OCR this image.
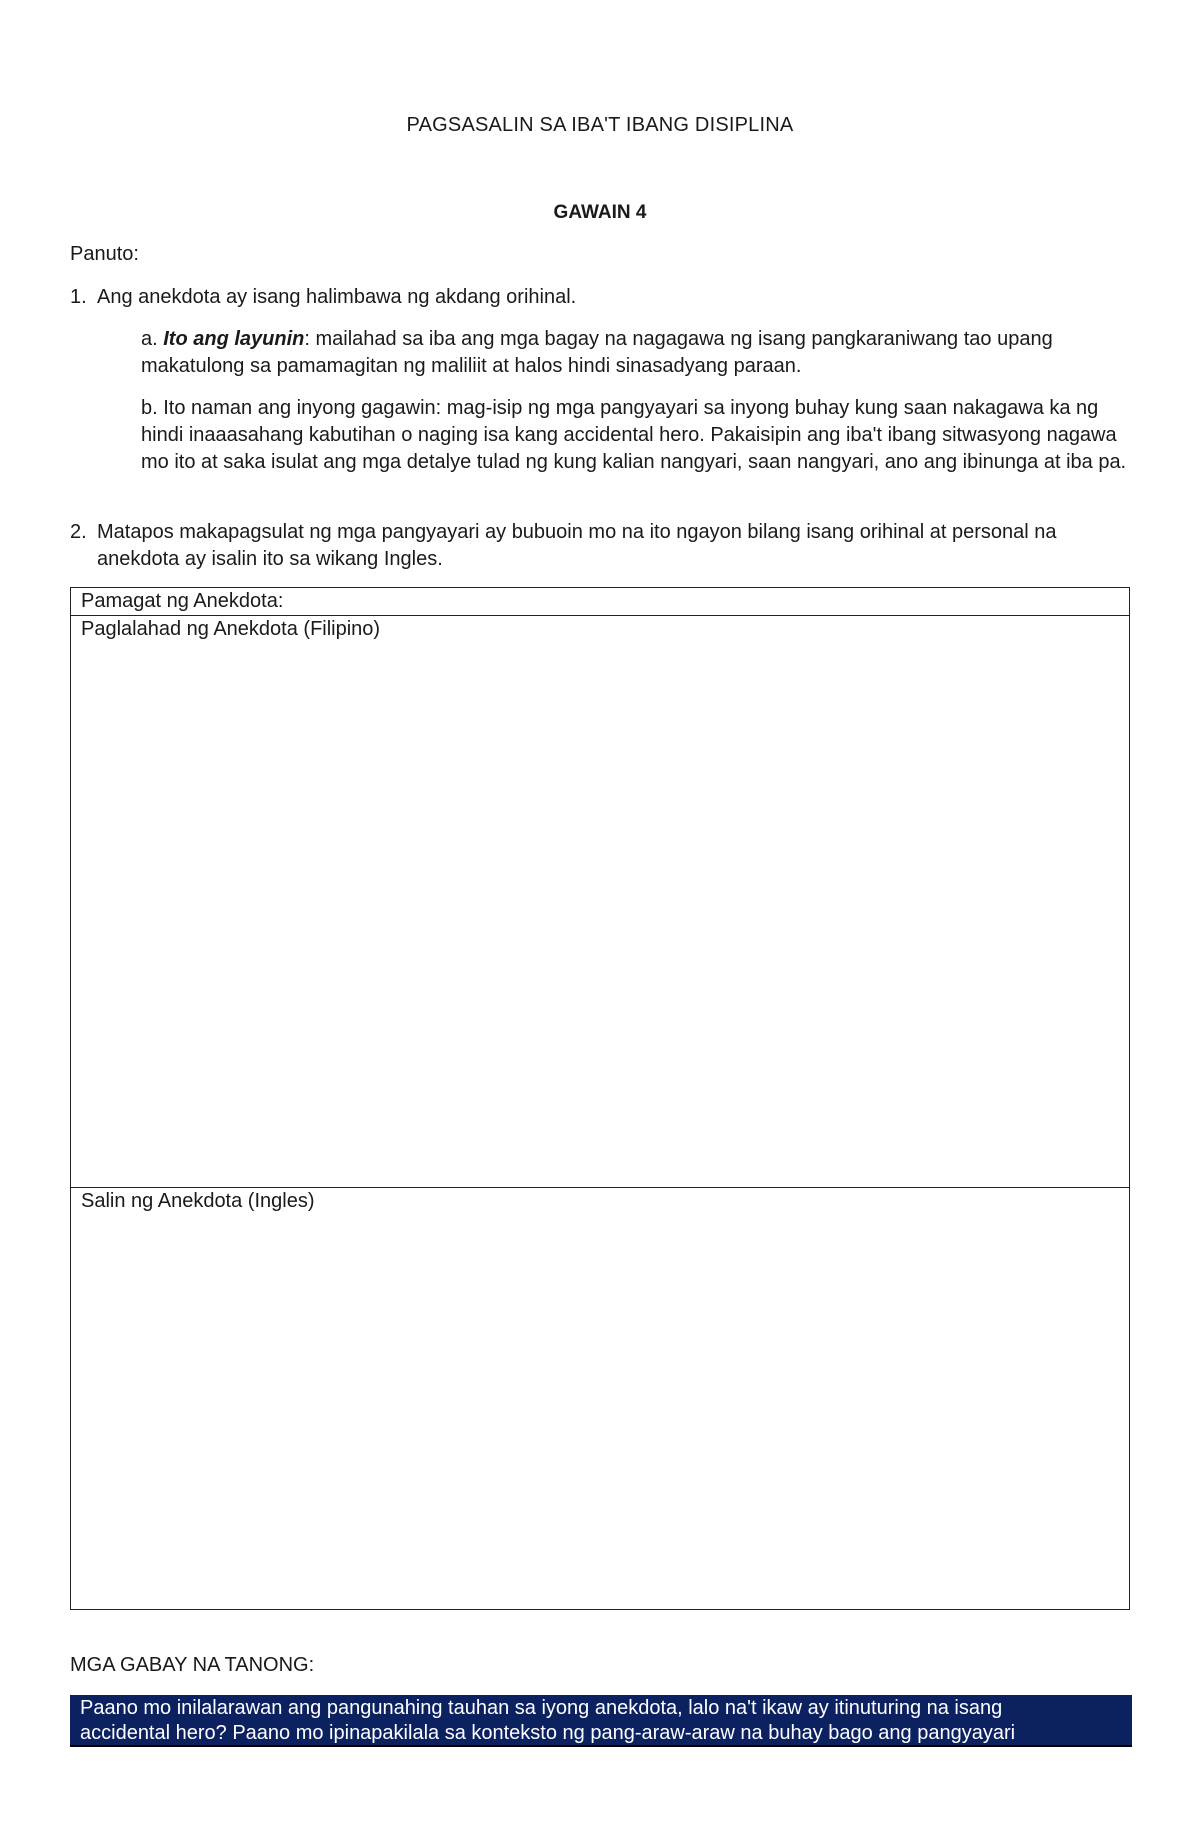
PAGSASALIN SA IBA'T IBANG DISIPLINA
GAWAIN 4
Panuto:
1. Ang anekdota ay isang halimbawa ng akdang orihinal.
a. Ito ang layunin: mailahad sa iba ang mga bagay na nagagawa ng isang pangkaraniwang tao upang makatulong sa pamamagitan ng maliliit at halos hindi sinasadyang paraan.
b. Ito naman ang inyong gagawin: mag-isip ng mga pangyayari sa inyong buhay kung saan nakagawa ka ng hindi inaaasahang kabutihan o naging isa kang accidental hero. Pakaisipin ang iba't ibang sitwasyong nagawa mo ito at saka isulat ang mga detalye tulad ng kung kalian nangyari, saan nangyari, ano ang ibinunga at iba pa.
2. Matapos makapagsulat ng mga pangyayari ay bubuoin mo na ito ngayon bilang isang orihinal at personal na anekdota ay isalin ito sa wikang Ingles.
Pamagat ng Anekdota:
Paglalahad ng Anekdota (Filipino)
Salin ng Anekdota (Ingles)
MGA GABAY NA TANONG:
Paano mo inilalarawan ang pangunahing tauhan sa iyong anekdota, lalo na't ikaw ay itinuturing na isang
accidental hero? Paano mo ipinapakilala sa konteksto ng pang-araw-araw na buhay bago ang pangyayari
